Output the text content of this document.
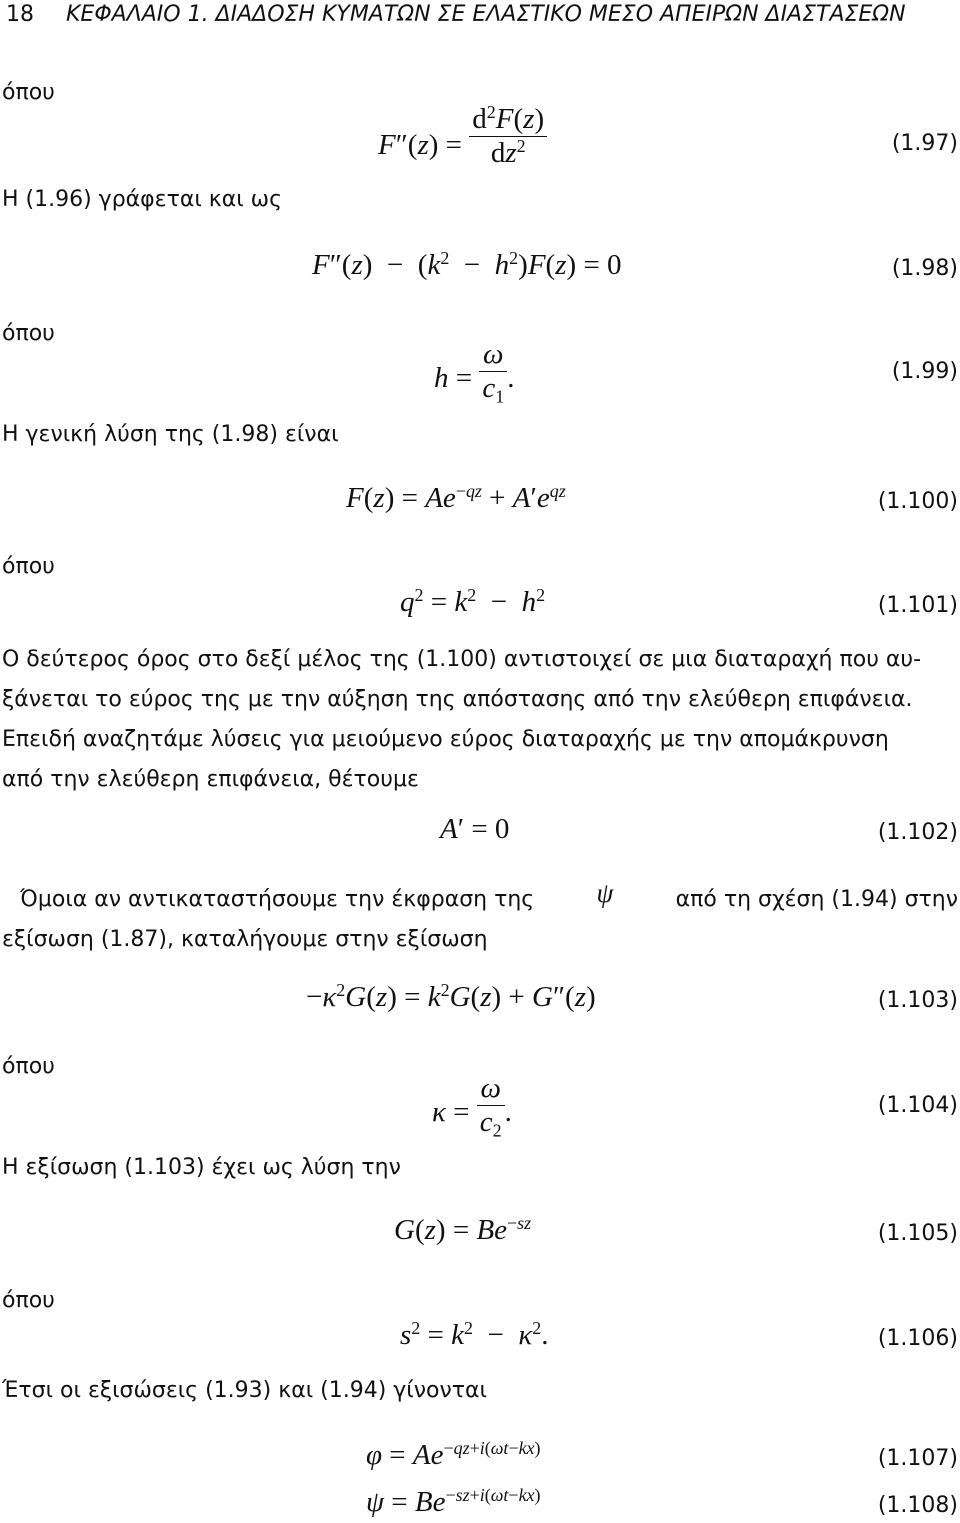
18 ΚΕΦΑΛΑΙΟ 1. ΔΙΑΔΟΣΗ ΚΥΜΑΤΩΝ ΣΕ ΕΛΑΣΤΙΚΟ ΜΕΣΟ ΑΠΕΙΡΩΝ ΔΙΑΣΤΑΣΕΩΝ
όπου
$F''(z) = \frac{d^2F(z)}{dz^2}$	(1.97)
Η (1.96) γράφεται και ως
$F''(z) - (k^2 - h^2)F(z) = 0$	(1.98)
όπου
$h = \frac{\omega}{c_1}$ .	(1.99)
Η γενική λύση της (1.98) είναι
$F(z) = Ae^{-qz} + A'e^{qz}$	(1.100)
όπου
$q^2 = k^2 - h^2$	(1.101)
Ο δεύτερος όρος στο δεξί μέλος της (1.100) αντιστοιχεί σε μια διαταραχή που αυ-
ξάνεται το εύρος της με την αύξηση της απόστασης από την ελεύθερη επιφάνεια.
Επειδή αναζητάμε λύσεις για μειούμενο εύρος διαταραχής με την απομάκρυνση
από την ελεύθερη επιφάνεια, θέτουμε
A′ = 0	(1.102)
Όμοια αν αντικαταστήσουμε την έκφραση της ψ	από τη σχέση (1.94) στην
εξίσωση (1.87), καταλήγουμε στην εξίσωση
$-\kappa^2G(z) = k^2G(z) + G''(z)$	(1.103)
όπου
$\kappa = \frac{\omega}{c_2}$ .	(1.104)
Η εξίσωση (1.103) έχει ως λύση την
$G(z) = Be^{-sz}$	(1.105)
όπου
$s^2 = k^2 - \kappa^2$.	(1.106)
Έτσι οι εξισώσεις (1.93) και (1.94) γίνονται
$\varphi = Ae^{-qz+i(\omega t-kx)}$	(1.107)
$\psi = Be^{-sz+i(\omega t-kx)}$	(1.108)
